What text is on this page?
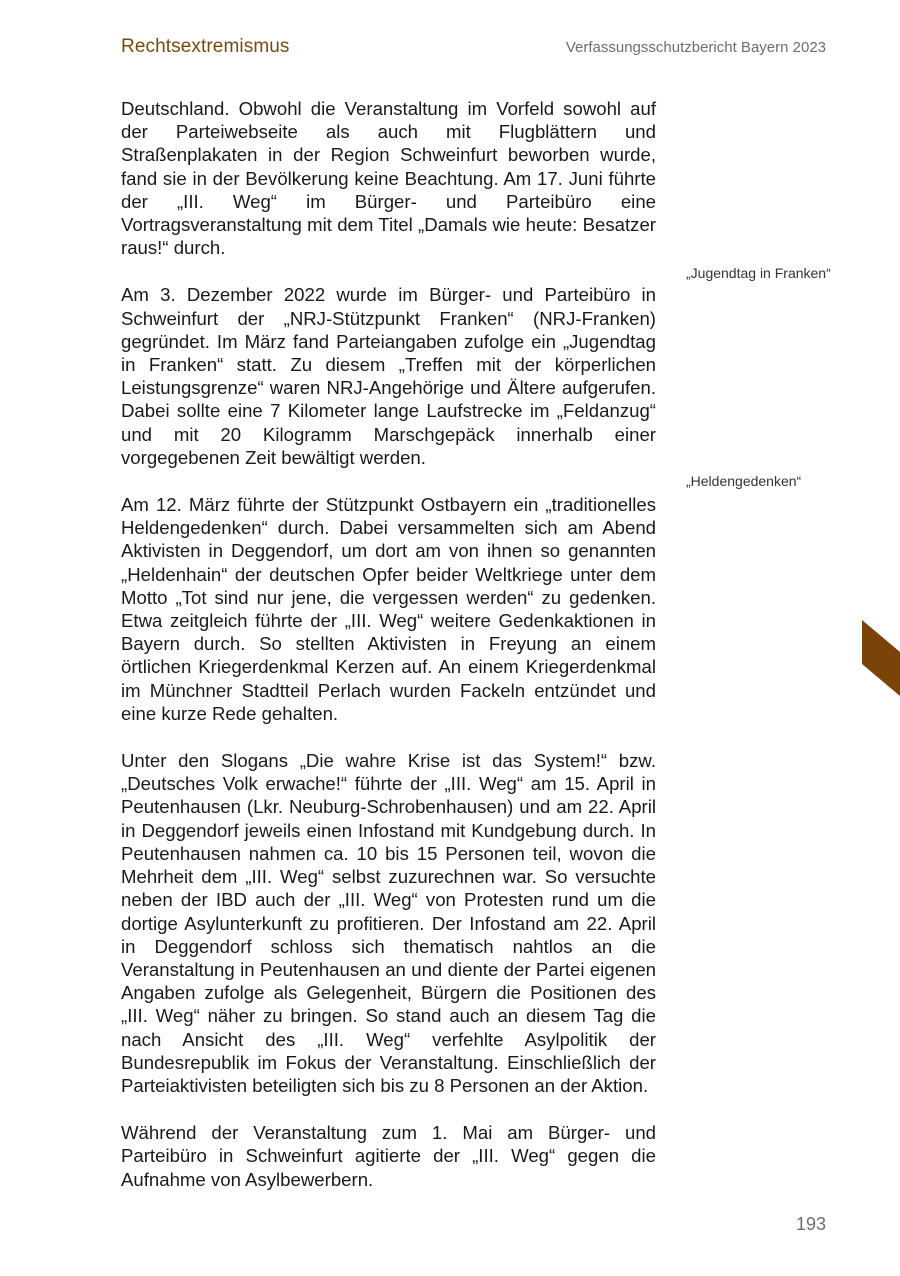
Rechtsextremismus	Verfassungsschutzbericht Bayern 2023

Deutschland. Obwohl die Veranstaltung im Vorfeld sowohl auf der Parteiwebseite als auch mit Flugblättern und Straßenplakaten in der Region Schweinfurt beworben wurde, fand sie in der Bevölkerung keine Beachtung. Am 17. Juni führte der „III. Weg“ im Bürger- und Parteibüro eine Vortragsveranstaltung mit dem Titel „Damals wie heute: Besatzer raus!“ durch.

Am 3. Dezember 2022 wurde im Bürger- und Parteibüro in Schweinfurt der „NRJ-Stützpunkt Franken“ (NRJ-Franken) gegründet. Im März fand Parteiangaben zufolge ein „Jugendtag in Franken“ statt. Zu diesem „Treffen mit der körperlichen Leistungsgrenze“ waren NRJ-Angehörige und Ältere aufgerufen. Dabei sollte eine 7 Kilometer lange Laufstrecke im „Feldanzug“ und mit 20 Kilogramm Marschgepäck innerhalb einer vorgegebenen Zeit bewältigt werden.

Am 12. März führte der Stützpunkt Ostbayern ein „traditionelles Heldengedenken“ durch. Dabei versammelten sich am Abend Aktivisten in Deggendorf, um dort am von ihnen so genannten „Heldenhain“ der deutschen Opfer beider Weltkriege unter dem Motto „Tot sind nur jene, die vergessen werden“ zu gedenken. Etwa zeitgleich führte der „III. Weg“ weitere Gedenkaktionen in Bayern durch. So stellten Aktivisten in Freyung an einem örtlichen Kriegerdenkmal Kerzen auf. An einem Kriegerdenkmal im Münchner Stadtteil Perlach wurden Fackeln entzündet und eine kurze Rede gehalten.

Unter den Slogans „Die wahre Krise ist das System!“ bzw. „Deutsches Volk erwache!“ führte der „III. Weg“ am 15. April in Peutenhausen (Lkr. Neuburg-Schrobenhausen) und am 22. April in Deggendorf jeweils einen Infostand mit Kundgebung durch. In Peutenhausen nahmen ca. 10 bis 15 Personen teil, wovon die Mehrheit dem „III. Weg“ selbst zuzurechnen war. So versuchte neben der IBD auch der „III. Weg“ von Protesten rund um die dortige Asylunterkunft zu profitieren. Der Infostand am 22. April in Deggendorf schloss sich thematisch nahtlos an die Veranstaltung in Peutenhausen an und diente der Partei eigenen Angaben zufolge als Gelegenheit, Bürgern die Positionen des „III. Weg“ näher zu bringen. So stand auch an diesem Tag die nach Ansicht des „III. Weg“ verfehlte Asylpolitik der Bundesrepublik im Fokus der Veranstaltung. Einschließlich der Parteiaktivisten beteiligten sich bis zu 8 Personen an der Aktion.

Während der Veranstaltung zum 1. Mai am Bürger- und Parteibüro in Schweinfurt agitierte der „III. Weg“ gegen die Aufnahme von Asylbewerbern.

„Jugendtag in Franken“
„Heldengedenken“
193
